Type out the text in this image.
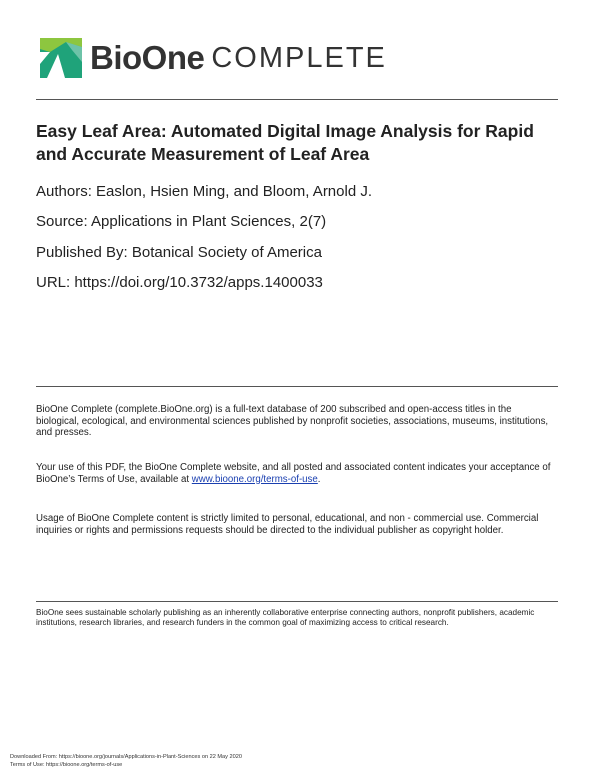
BioOne COMPLETE
Easy Leaf Area: Automated Digital Image Analysis for Rapid and Accurate Measurement of Leaf Area

Authors: Easlon, Hsien Ming, and Bloom, Arnold J.

Source: Applications in Plant Sciences, 2(7)

Published By: Botanical Society of America

URL: https://doi.org/10.3732/apps.1400033

BioOne Complete (complete.BioOne.org) is a full-text database of 200 subscribed and open-access titles in the biological, ecological, and environmental sciences published by nonprofit societies, associations, museums, institutions, and presses.

Your use of this PDF, the BioOne Complete website, and all posted and associated content indicates your acceptance of BioOne’s Terms of Use, available at www.bioone.org/terms-of-use.

Usage of BioOne Complete content is strictly limited to personal, educational, and non - commercial use. Commercial inquiries or rights and permissions requests should be directed to the individual publisher as copyright holder.

BioOne sees sustainable scholarly publishing as an inherently collaborative enterprise connecting authors, nonprofit publishers, academic institutions, research libraries, and research funders in the common goal of maximizing access to critical research.

Downloaded From: https://bioone.org/journals/Applications-in-Plant-Sciences on 22 May 2020

Terms of Use: https://bioone.org/terms-of-use
